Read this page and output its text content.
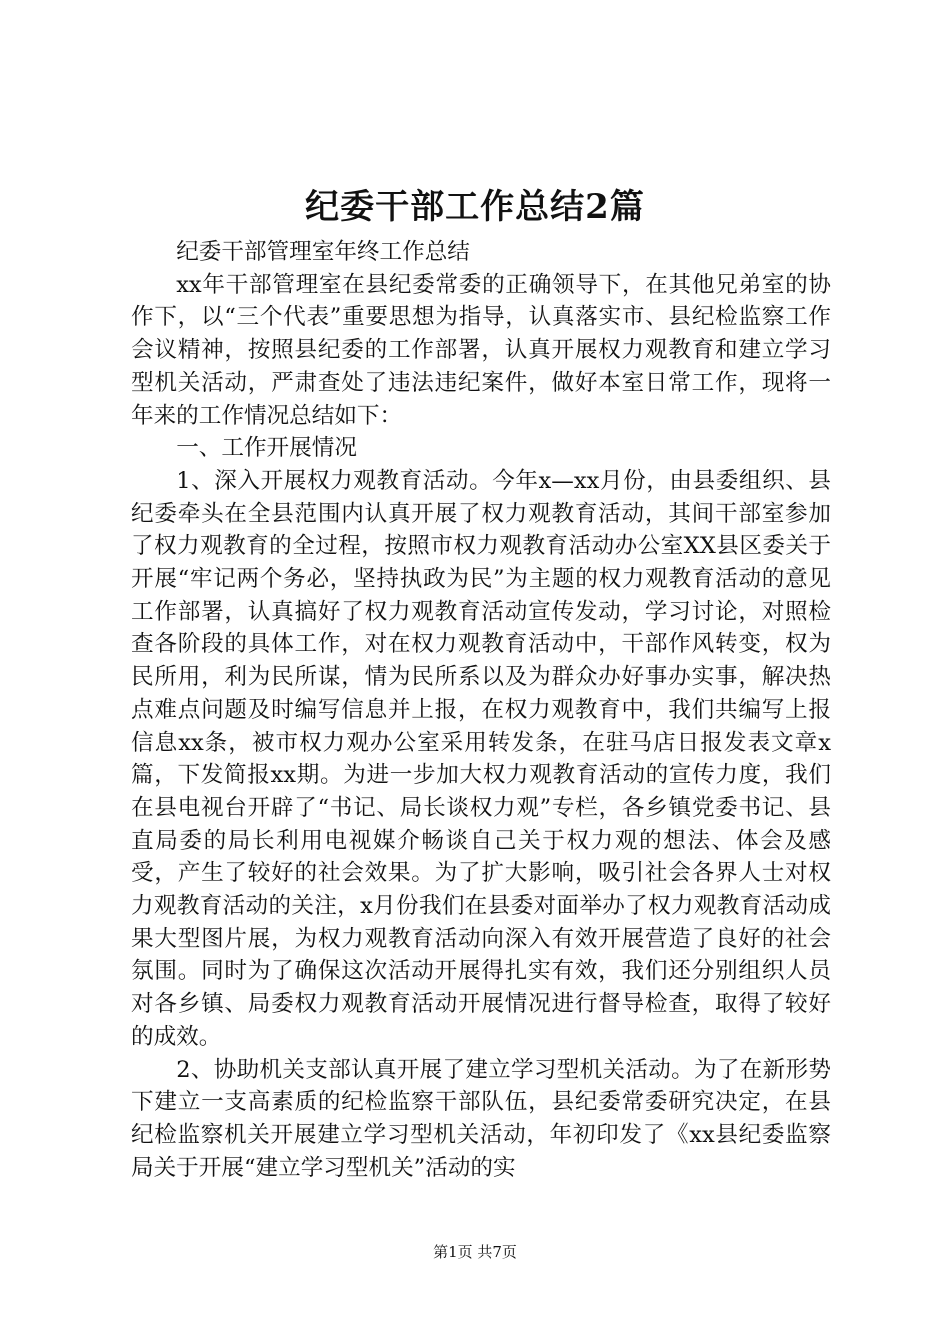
纪委干部工作总结2篇

纪委干部管理室年终工作总结

xx年干部管理室在县纪委常委的正确领导下，在其他兄弟室的协作下，以“三个代表”重要思想为指导，认真落实市、县纪检监察工作会议精神，按照县纪委的工作部署，认真开展权力观教育和建立学习型机关活动，严肃查处了违法违纪案件，做好本室日常工作，现将一年来的工作情况总结如下：

一、工作开展情况

1、深入开展权力观教育活动。今年x—xx月份，由县委组织、县纪委牵头在全县范围内认真开展了权力观教育活动，其间干部室参加了权力观教育的全过程，按照市权力观教育活动办公室XX县区委关于开展“牢记两个务必，坚持执政为民”为主题的权力观教育活动的意见工作部署，认真搞好了权力观教育活动宣传发动，学习讨论，对照检查各阶段的具体工作，对在权力观教育活动中，干部作风转变，权为民所用，利为民所谋，情为民所系以及为群众办好事办实事，解决热点难点问题及时编写信息并上报，在权力观教育中，我们共编写上报信息xx条，被市权力观办公室采用转发条，在驻马店日报发表文章x篇，下发简报xx期。为进一步加大权力观教育活动的宣传力度，我们在县电视台开辟了“书记、局长谈权力观”专栏，各乡镇党委书记、县直局委的局长利用电视媒介畅谈自己关于权力观的想法、体会及感受，产生了较好的社会效果。为了扩大影响，吸引社会各界人士对权力观教育活动的关注，x月份我们在县委对面举办了权力观教育活动成果大型图片展，为权力观教育活动向深入有效开展营造了良好的社会氛围。同时为了确保这次活动开展得扎实有效，我们还分别组织人员对各乡镇、局委权力观教育活动开展情况进行督导检查，取得了较好的成效。

2、协助机关支部认真开展了建立学习型机关活动。为了在新形势下建立一支高素质的纪检监察干部队伍，县纪委常委研究决定，在县纪检监察机关开展建立学习型机关活动，年初印发了《xx县纪委监察局关于开展“建立学习型机关”活动的实

第1页 共7页
